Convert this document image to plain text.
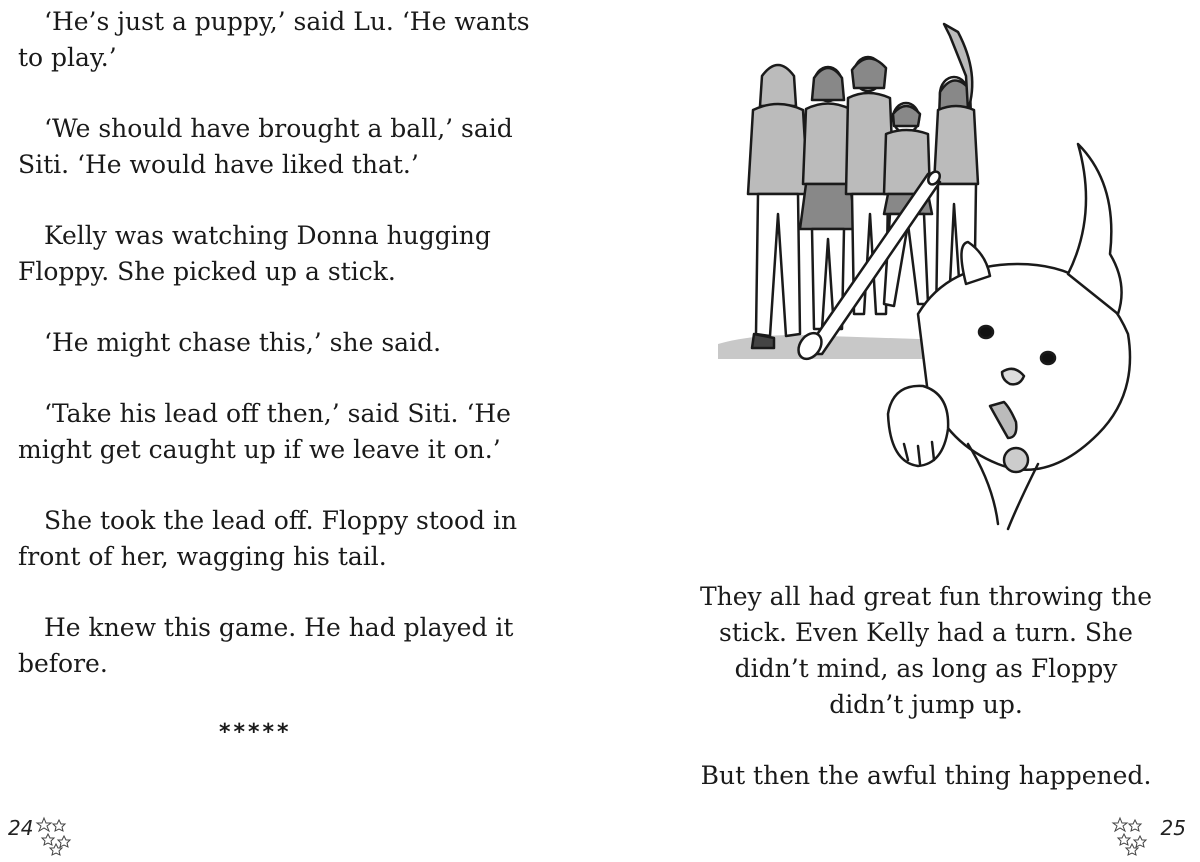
‘He’s just a puppy,’ said Lu. ‘He wants to play.’

‘We should have brought a ball,’ said Siti. ‘He would have liked that.’

Kelly was watching Donna hugging Floppy. She picked up a stick.

‘He might chase this,’ she said.

‘Take his lead off then,’ said Siti. ‘He might get caught up if we leave it on.’

She took the lead off. Floppy stood in front of her, wagging his tail.

He knew this game. He had played it before.

*****
24

They all had great fun throwing the stick. Even Kelly had a turn. She didn’t mind, as long as Floppy didn’t jump up.

But then the awful thing happened.

25
